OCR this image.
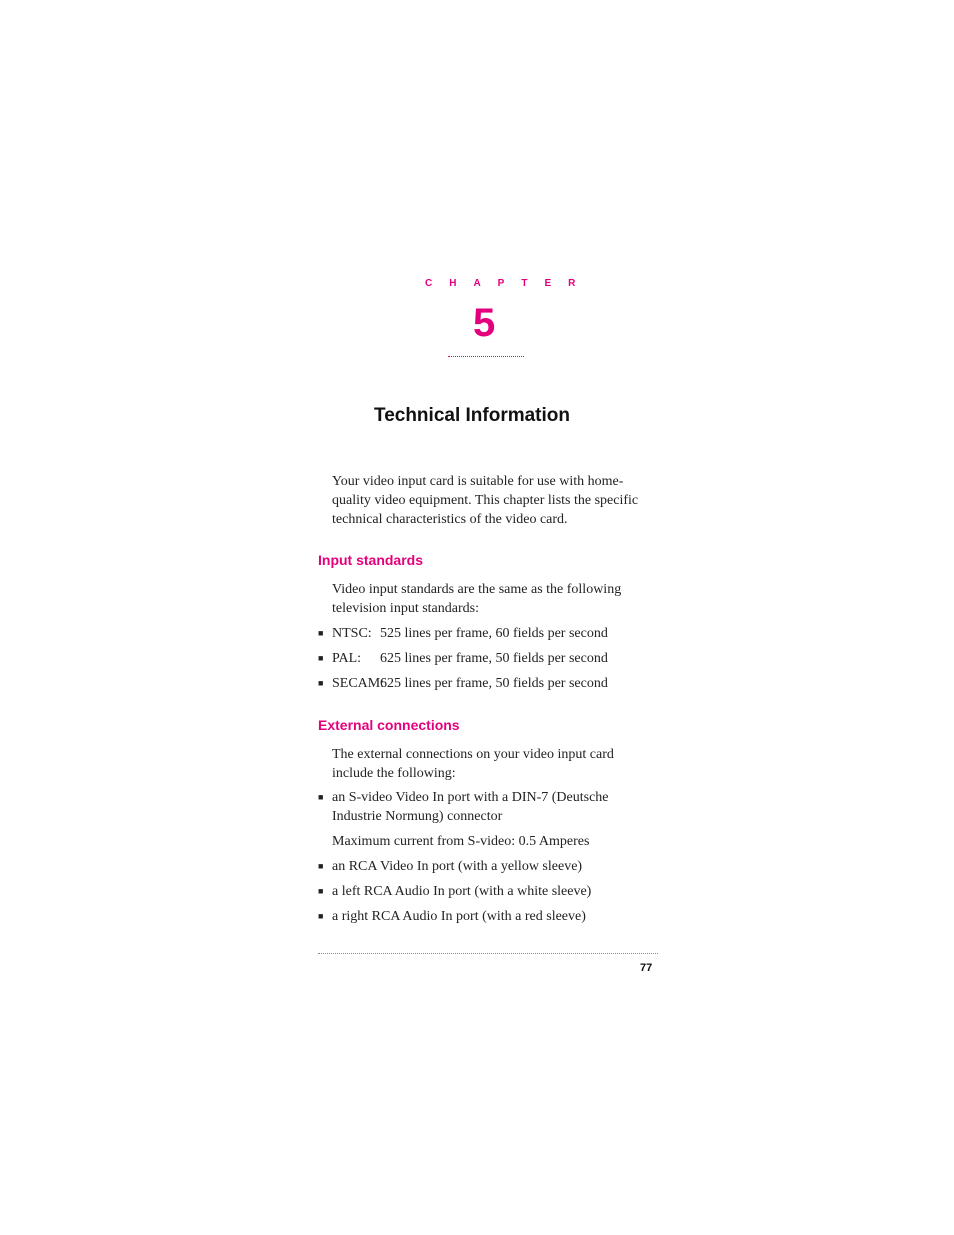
CHAPTER
5
Technical Information

Your video input card is suitable for use with home-quality video equipment. This chapter lists the specific technical characteristics of the video card.

Input standards

Video input standards are the same as the following television input standards:

■ NTSC: 525 lines per frame, 60 fields per second
■ PAL: 625 lines per frame, 50 fields per second
■ SECAM:625 lines per frame, 50 fields per second
External connections

The external connections on your video input card include the following:

■ an S-video Video In port with a DIN-7 (Deutsche Industrie Normung) connector

Maximum current from S-video: 0.5 Amperes

■ an RCA Video In port (with a yellow sleeve)
■ a left RCA Audio In port (with a white sleeve)
■ a right RCA Audio In port (with a red sleeve)
77
